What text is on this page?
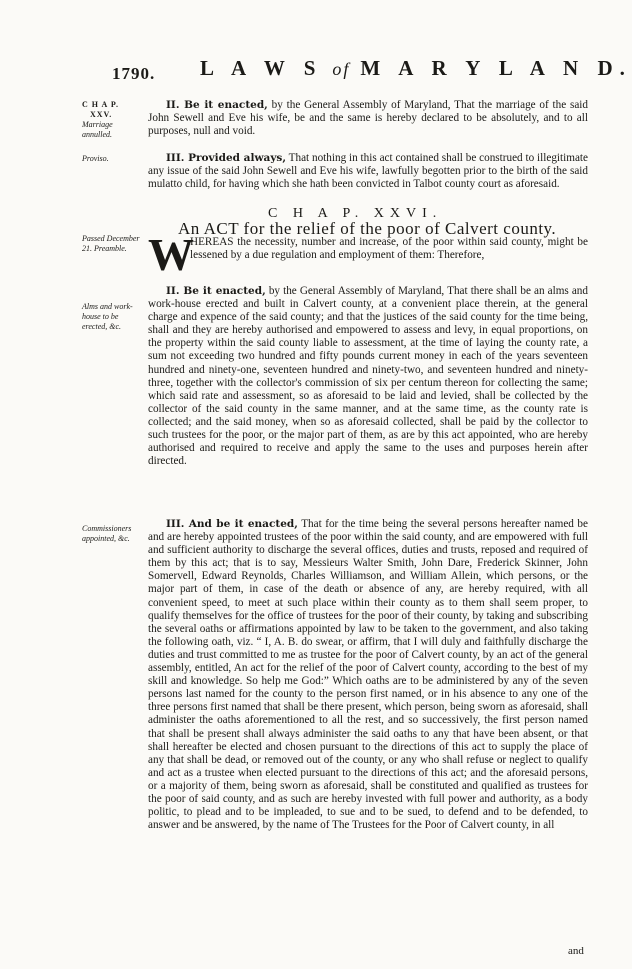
1790. L A W S of M A R Y L A N D.
C H A P.
XXV.
Marriage annulled.
II. Be it enacted, by the General Assembly of Maryland, That the marriage of the said John Sewell and Eve his wife, be and the same is hereby declared to be absolutely, and to all purposes, null and void.
Proviso.	III. Provided always, That nothing in this act contained shall be construed to illegitimate any issue of the said John Sewell and Eve his wife, lawfully begotten prior to the birth of the said mulatto child, for having which she hath been convicted in Talbot county court as aforesaid.
C H A P. XXVI.
An ACT for the relief of the poor of Calvert county.
Passed December 21. Preamble. W
HEREAS the necessity, number and increase, of the poor within said county, might be lessened by a due regulation and employment of them: Therefore,
Alms and work-house to be erected, &c.
II. Be it enacted, by the General Assembly of Maryland, That there shall be an alms and work-house erected and built in Calvert county, at a convenient place therein, at the general charge and expence of the said county; and that the justices of the said county for the time being, shall and they are hereby authorised and empowered to assess and levy, in equal proportions, on the property within the said county liable to assessment, at the time of laying the county rate, a sum not exceeding two hundred and fifty pounds current money in each of the years seventeen hundred and ninety-one, seventeen hundred and ninety-two, and seventeen hundred and ninety-three, together with the collector's commission of six per centum thereon for collecting the same; which said rate and assessment, so as aforesaid to be laid and levied, shall be collected by the collector of the said county in the same manner, and at the same time, as the county rate is collected; and the said money, when so as aforesaid collected, shall be paid by the collector to such trustees for the poor, or the major part of them, as are by this act appointed, who are hereby authorised and required to receive and apply the same to the uses and purposes herein after directed.
Commissioners appointed, &c.
III. And be it enacted, That for the time being the several persons hereafter named be and are hereby appointed trustees of the poor within the said county, and are empowered with full and sufficient authority to discharge the several offices, duties and trusts, reposed and required of them by this act; that is to say, Messieurs Walter Smith, John Dare, Frederick Skinner, John Somervell, Edward Reynolds, Charles Williamson, and William Allein, which persons, or the major part of them, in case of the death or absence of any, are hereby required, with all convenient speed, to meet at such place within their county as to them shall seem proper, to qualify themselves for the office of trustees for the poor of their county, by taking and subscribing the several oaths or affirmations appointed by law to be taken to the government, and also taking the following oath, viz. “ I, A. B. do swear, or affirm, that I will duly and faithfully discharge the duties and trust committed to me as trustee for the poor of Calvert county, by an act of the general assembly, entitled, An act for the relief of the poor of Calvert county, according to the best of my skill and knowledge. So help me God:” Which oaths are to be administered by any of the seven persons last named for the county to the person first named, or in his absence to any one of the three persons first named that shall be there present, which person, being sworn as aforesaid, shall administer the oaths aforementioned to all the rest, and so successively, the first person named that shall be present shall always administer the said oaths to any that have been absent, or that shall hereafter be elected and chosen pursuant to the directions of this act to supply the place of any that shall be dead, or removed out of the county, or any who shall refuse or neglect to qualify and act as a trustee when elected pursuant to the directions of this act; and the aforesaid persons, or a majority of them, being sworn as aforesaid, shall be constituted and qualified as trustees for the poor of said county, and as such are hereby invested with full power and authority, as a body politic, to plead and to be impleaded, to sue and to be sued, to defend and to be defended, to answer and be answered, by the name of The Trustees for the Poor of Calvert county, in all
and
